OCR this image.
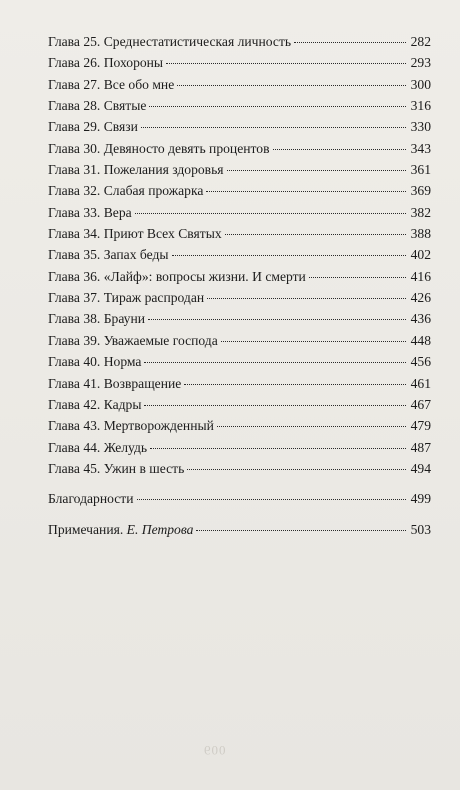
Глава 25. Среднестатистическая личность	282
Глава 26. Похороны	293
Глава 27. Все обо мне	300
Глава 28. Святые	316
Глава 29. Связи	330
Глава 30. Девяносто девять процентов	343
Глава 31. Пожелания здоровья	361
Глава 32. Слабая прожарка	369
Глава 33. Вера	382
Глава 34. Приют Всех Святых	388
Глава 35. Запах беды	402
Глава 36. «Лайф»: вопросы жизни. И смерти	416
Глава 37. Тираж распродан	426
Глава 38. Брауни	436
Глава 39. Уважаемые господа	448
Глава 40. Норма	456
Глава 41. Возвращение	461
Глава 42. Кадры	467
Глава 43. Мертворожденный	479
Глава 44. Желудь	487
Глава 45. Ужин в шесть	494
Благодарности	499
Примечания. Е. Петрова	503
600
